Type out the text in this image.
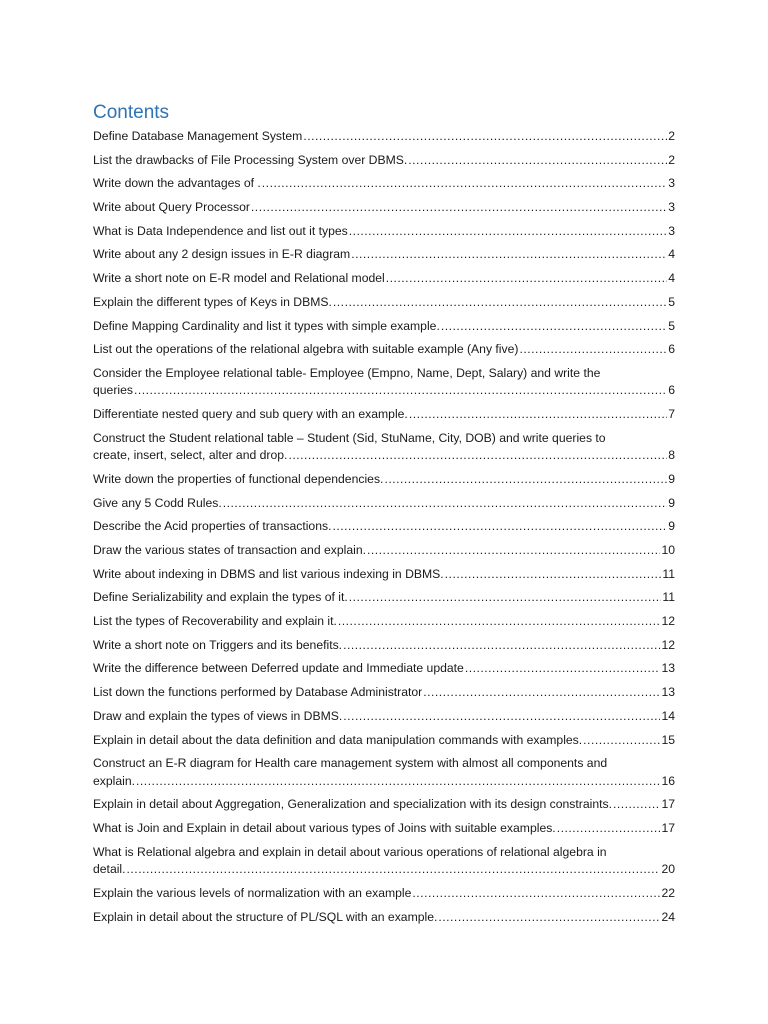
Contents
Define Database Management System .....	2
List the drawbacks of File Processing System over DBMS. .....	2
Write down the advantages of . .....	3
Write about Query Processor .....	3
What is Data Independence and list out it types .....	3
Write about any 2 design issues in E-R diagram .....	4
Write a short note on E-R model and Relational model .....	4
Explain the different types of Keys in DBMS. .....	5
Define Mapping Cardinality and list it types with simple example. .....	5
List out the operations of the relational algebra with suitable example (Any five) .....	6
Consider the Employee relational table- Employee (Empno, Name, Dept, Salary) and write the
queries .....	6
Differentiate nested query and sub query with an example. .....	7
Construct the Student relational table – Student (Sid, StuName, City, DOB) and write queries to
create, insert, select, alter and drop. .....	8
Write down the properties of functional dependencies. .....	9
Give any 5 Codd Rules. .....	9
Describe the Acid properties of transactions. .....	9
Draw the various states of transaction and explain. .....	10
Write about indexing in DBMS and list various indexing in DBMS. .....	11
Define Serializability and explain the types of it. .....	11
List the types of Recoverability and explain it. .....	12
Write a short note on Triggers and its benefits. .....	12
Write the difference between Deferred update and Immediate update .....	13
List down the functions performed by Database Administrator .....	13
Draw and explain the types of views in DBMS. .....	14
Explain in detail about the data definition and data manipulation commands with examples. .....	15
Construct an E-R diagram for Health care management system with almost all components and
explain. .....	16
Explain in detail about Aggregation, Generalization and specialization with its design constraints. .....	17
What is Join and Explain in detail about various types of Joins with suitable examples. .....	17
What is Relational algebra and explain in detail about various operations of relational algebra in
detail. .....	20
Explain the various levels of normalization with an example .....	22
Explain in detail about the structure of PL/SQL with an example. .....	24
